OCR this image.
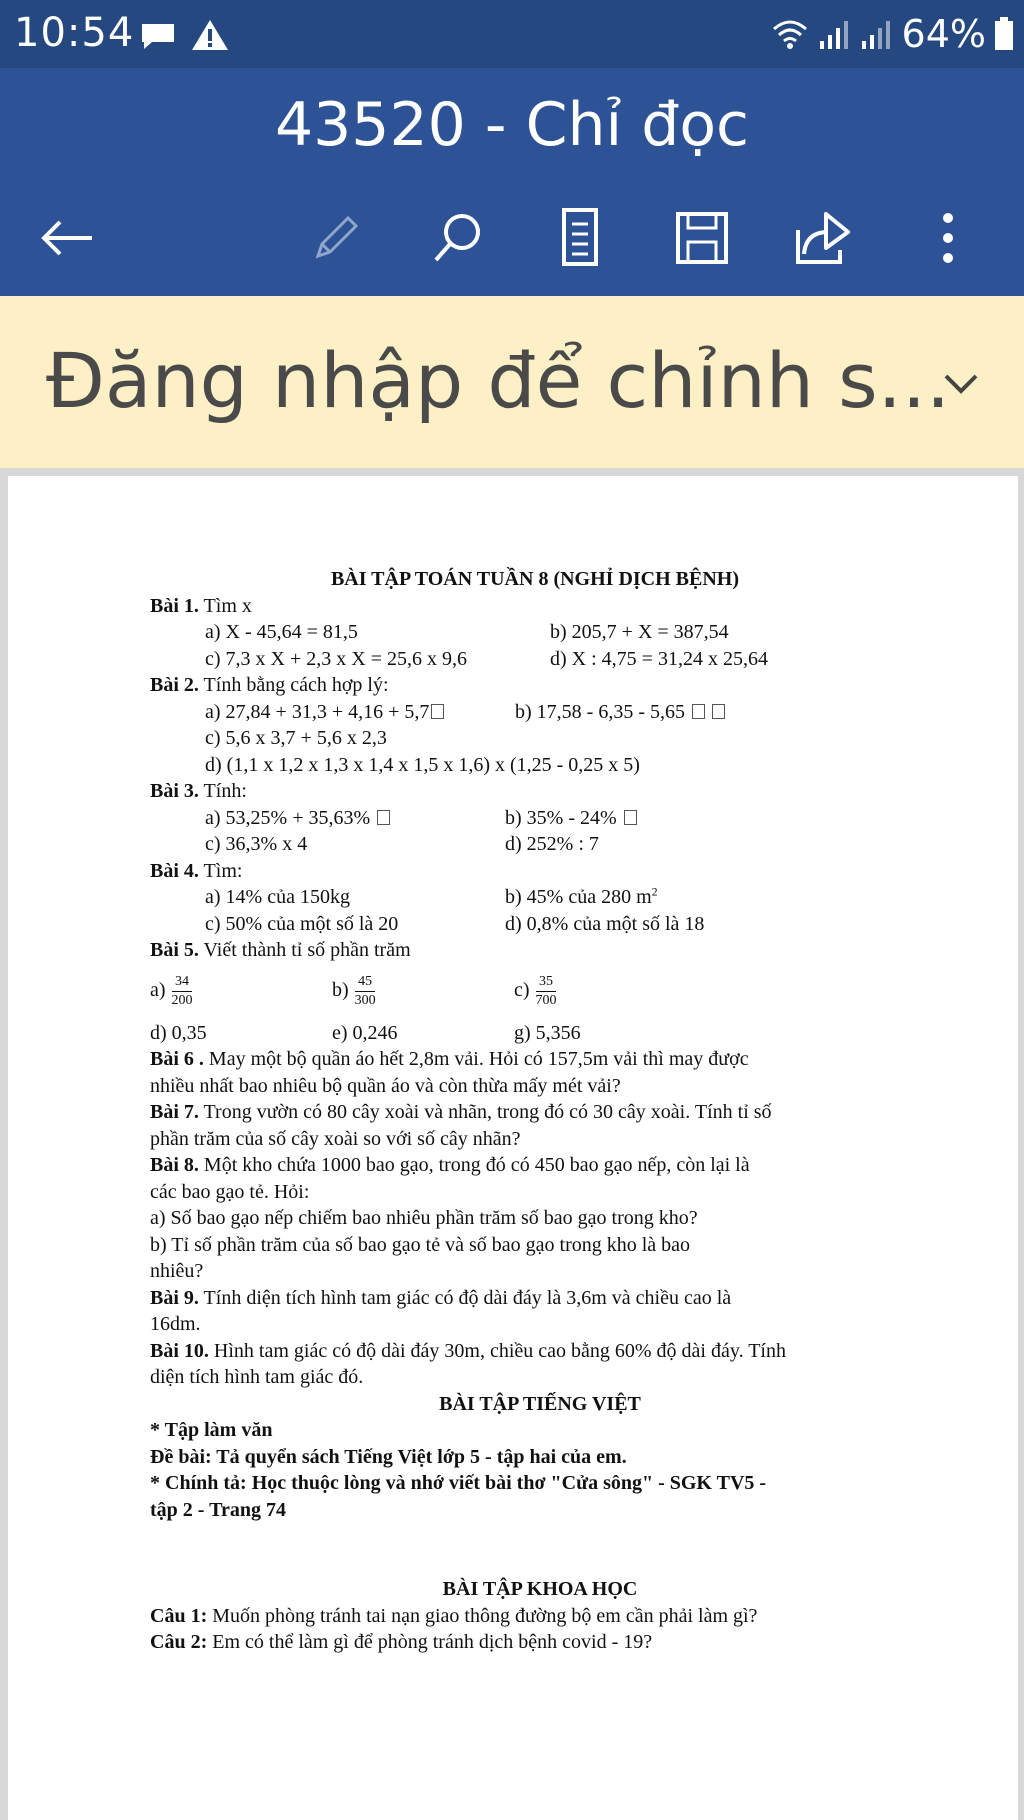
10:54	64%
43520 - Chỉ đọc
Đăng nhập để chỉnh s...
BÀI TẬP TOÁN TUẦN 8 (NGHỈ DỊCH BỆNH)
Bài 1. Tìm x
a) X - 45,64 = 81,5	b) 205,7 + X = 387,54
c) 7,3 x X + 2,3 x X = 25,6 x 9,6	d) X : 4,75 = 31,24 x 25,64
Bài 2. Tính bằng cách hợp lý:
a) 27,84 + 31,3 + 4,16 + 5,7	b) 17,58 - 6,35 - 5,65
c) 5,6 x 3,7 + 5,6 x 2,3
d) (1,1 x 1,2 x 1,3 x 1,4 x 1,5 x 1,6) x (1,25 - 0,25 x 5)
Bài 3. Tính:
a) 53,25% + 35,63%	b) 35% - 24%
c) 36,3% x 4	d) 252% : 7
Bài 4. Tìm:
a) 14% của 150kg	b) 45% của 280 $m^2$
c) 50% của một số là 20	d) 0,8% của một số là 18
Bài 5. Viết thành tỉ số phần trăm
$a) \frac{34}{200}$	$b) \frac{45}{300}$	$c) \frac{35}{700}$
d) 0,35	e) 0,246	g) 5,356
Bài 6 . May một bộ quần áo hết 2,8m vải. Hỏi có 157,5m vải thì may được
nhiều nhất bao nhiêu bộ quần áo và còn thừa mấy mét vải?
Bài 7. Trong vườn có 80 cây xoài và nhãn, trong đó có 30 cây xoài. Tính tỉ số
phần trăm của số cây xoài so với số cây nhãn?
Bài 8. Một kho chứa 1000 bao gạo, trong đó có 450 bao gạo nếp, còn lại là
các bao gạo tẻ. Hỏi:
a) Số bao gạo nếp chiếm bao nhiêu phần trăm số bao gạo trong kho?
b) Tỉ số phần trăm của số bao gạo tẻ và số bao gạo trong kho là bao
nhiêu?
Bài 9. Tính diện tích hình tam giác có độ dài đáy là 3,6m và chiều cao là
16dm.
Bài 10. Hình tam giác có độ dài đáy 30m, chiều cao bằng 60% độ dài đáy. Tính
diện tích hình tam giác đó.
BÀI TẬP TIẾNG VIỆT
* Tập làm văn
Đề bài: Tả quyển sách Tiếng Việt lớp 5 - tập hai của em.
* Chính tả: Học thuộc lòng và nhớ viết bài thơ "Cửa sông" - SGK TV5 -
tập 2 - Trang 74
BÀI TẬP KHOA HỌC
Câu 1: Muốn phòng tránh tai nạn giao thông đường bộ em cần phải làm gì?
Câu 2: Em có thể làm gì để phòng tránh dịch bệnh covid - 19?
